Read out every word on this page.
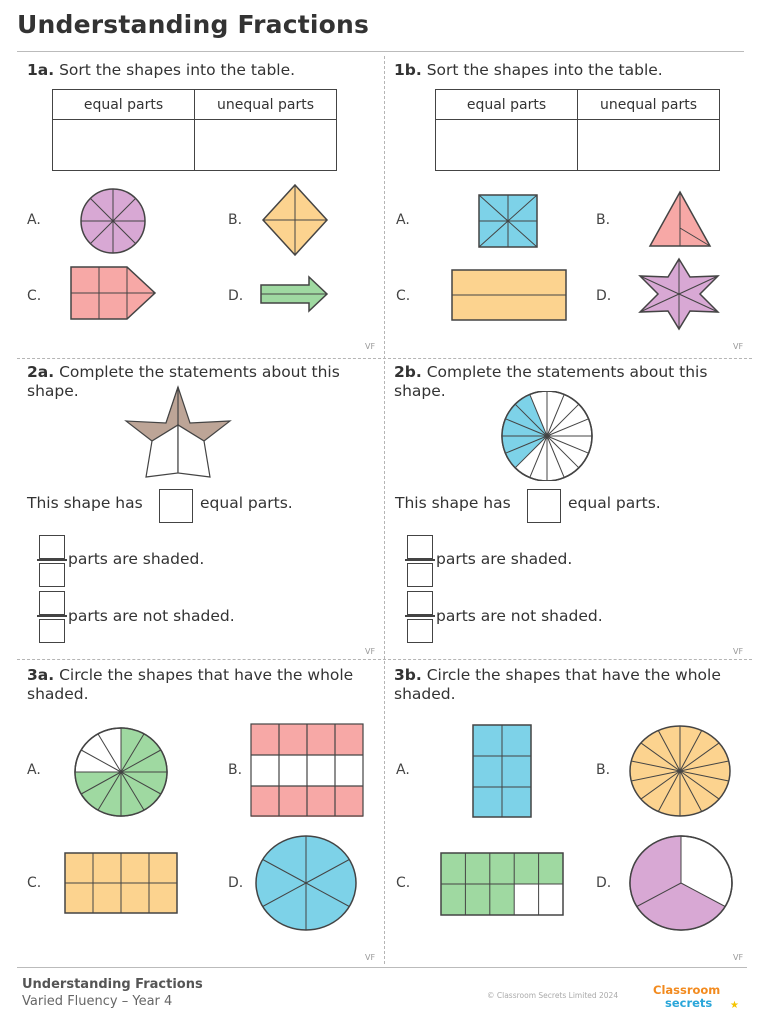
Understanding Fractions
1a. Sort the shapes into the table.
equal parts	unequal parts

A.	B.
C.	D.
VF
1b. Sort the shapes into the table.
equal parts	unequal parts

A.	B.
C.	D.
VF
2a. Complete the statements about this shape.
This shape has	equal parts.
parts are shaded.
parts are not shaded.
VF
2b. Complete the statements about this shape.
This shape has	equal parts.
parts are shaded.
parts are not shaded.
VF
3a. Circle the shapes that have the whole shaded.
A.	B.
C.	D.
VF
3b. Circle the shapes that have the whole shaded.
A.	B.
C.	D.
VF
Understanding Fractions
Varied Fluency – Year 4	© Classroom Secrets Limited 2024	Classroom
secrets ★
